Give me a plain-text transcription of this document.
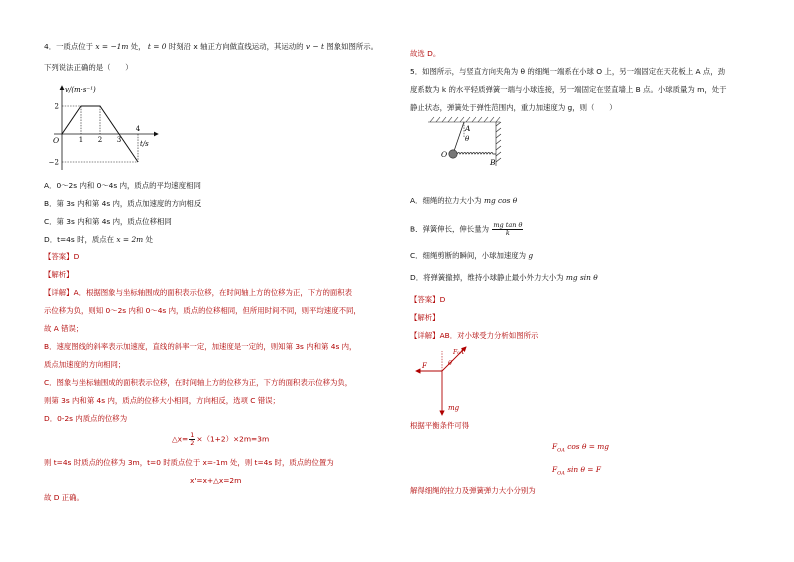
4．一质点位于 x = −1m 处， t = 0 时刻沿 x 轴正方向做直线运动，其运动的 v − t 图象如图所示。
下列说法正确的是（　　）
v/(m·s⁻¹)
t/s
O	1 2 3
4
2
−2
A．0～2s 内和 0～4s 内，质点的平均速度相同
B．第 3s 内和第 4s 内，质点加速度的方向相反
C．第 3s 内和第 4s 内，质点位移相同
D．t=4s 时，质点在 x = 2m 处
【答案】D
【解析】
【详解】A．根据图象与坐标轴围成的面积表示位移，在时间轴上方的位移为正，下方的面积表
示位移为负，则知 0～2s 内和 0～4s 内，质点的位移相同，但所用时间不同，则平均速度不同，
故 A 错误；
B．速度图线的斜率表示加速度，直线的斜率一定，加速度是一定的，则知第 3s 内和第 4s 内，
质点加速度的方向相同；
C．图象与坐标轴围成的面积表示位移，在时间轴上方的位移为正，下方的面积表示位移为负，
则第 3s 内和第 4s 内，质点的位移大小相同，方向相反，选项 C 错误；
D．0-2s 内质点的位移为
△x= $\frac{1}{2} \times(1+2)\times 2m=3m$
则 t=4s 时质点的位移为 3m，t=0 时质点位于 x=-1m 处，则 t=4s 时，质点的位置为
x'=x+△x=2m
故 D 正确。
故选 D。
5．如图所示，与竖直方向夹角为 θ 的细绳一端系在小球 O 上，另一端固定在天花板上 A 点，劲
度系数为 k 的水平轻质弹簧一端与小球连接，另一端固定在竖直墙上 B 点。小球质量为 m，处于
静止状态，弹簧处于弹性范围内，重力加速度为 g，则（　　）
A
θ
O
B
A．细绳的拉力大小为 mg cos θ
B．弹簧伸长，伸长量为 $\frac{\text{mg tan θ}}{k}$
C．细绳剪断的瞬间，小球加速度为 g
D．将弹簧撤掉，维持小球静止最小外力大小为 mg sin θ
【答案】D
【解析】
【详解】AB．对小球受力分析如图所示
F₀A
θ
F
mg
根据平衡条件可得
$F_{OA}$ cos θ = mg
$F_{OA}$ sin θ = F
解得细绳的拉力及弹簧弹力大小分别为
